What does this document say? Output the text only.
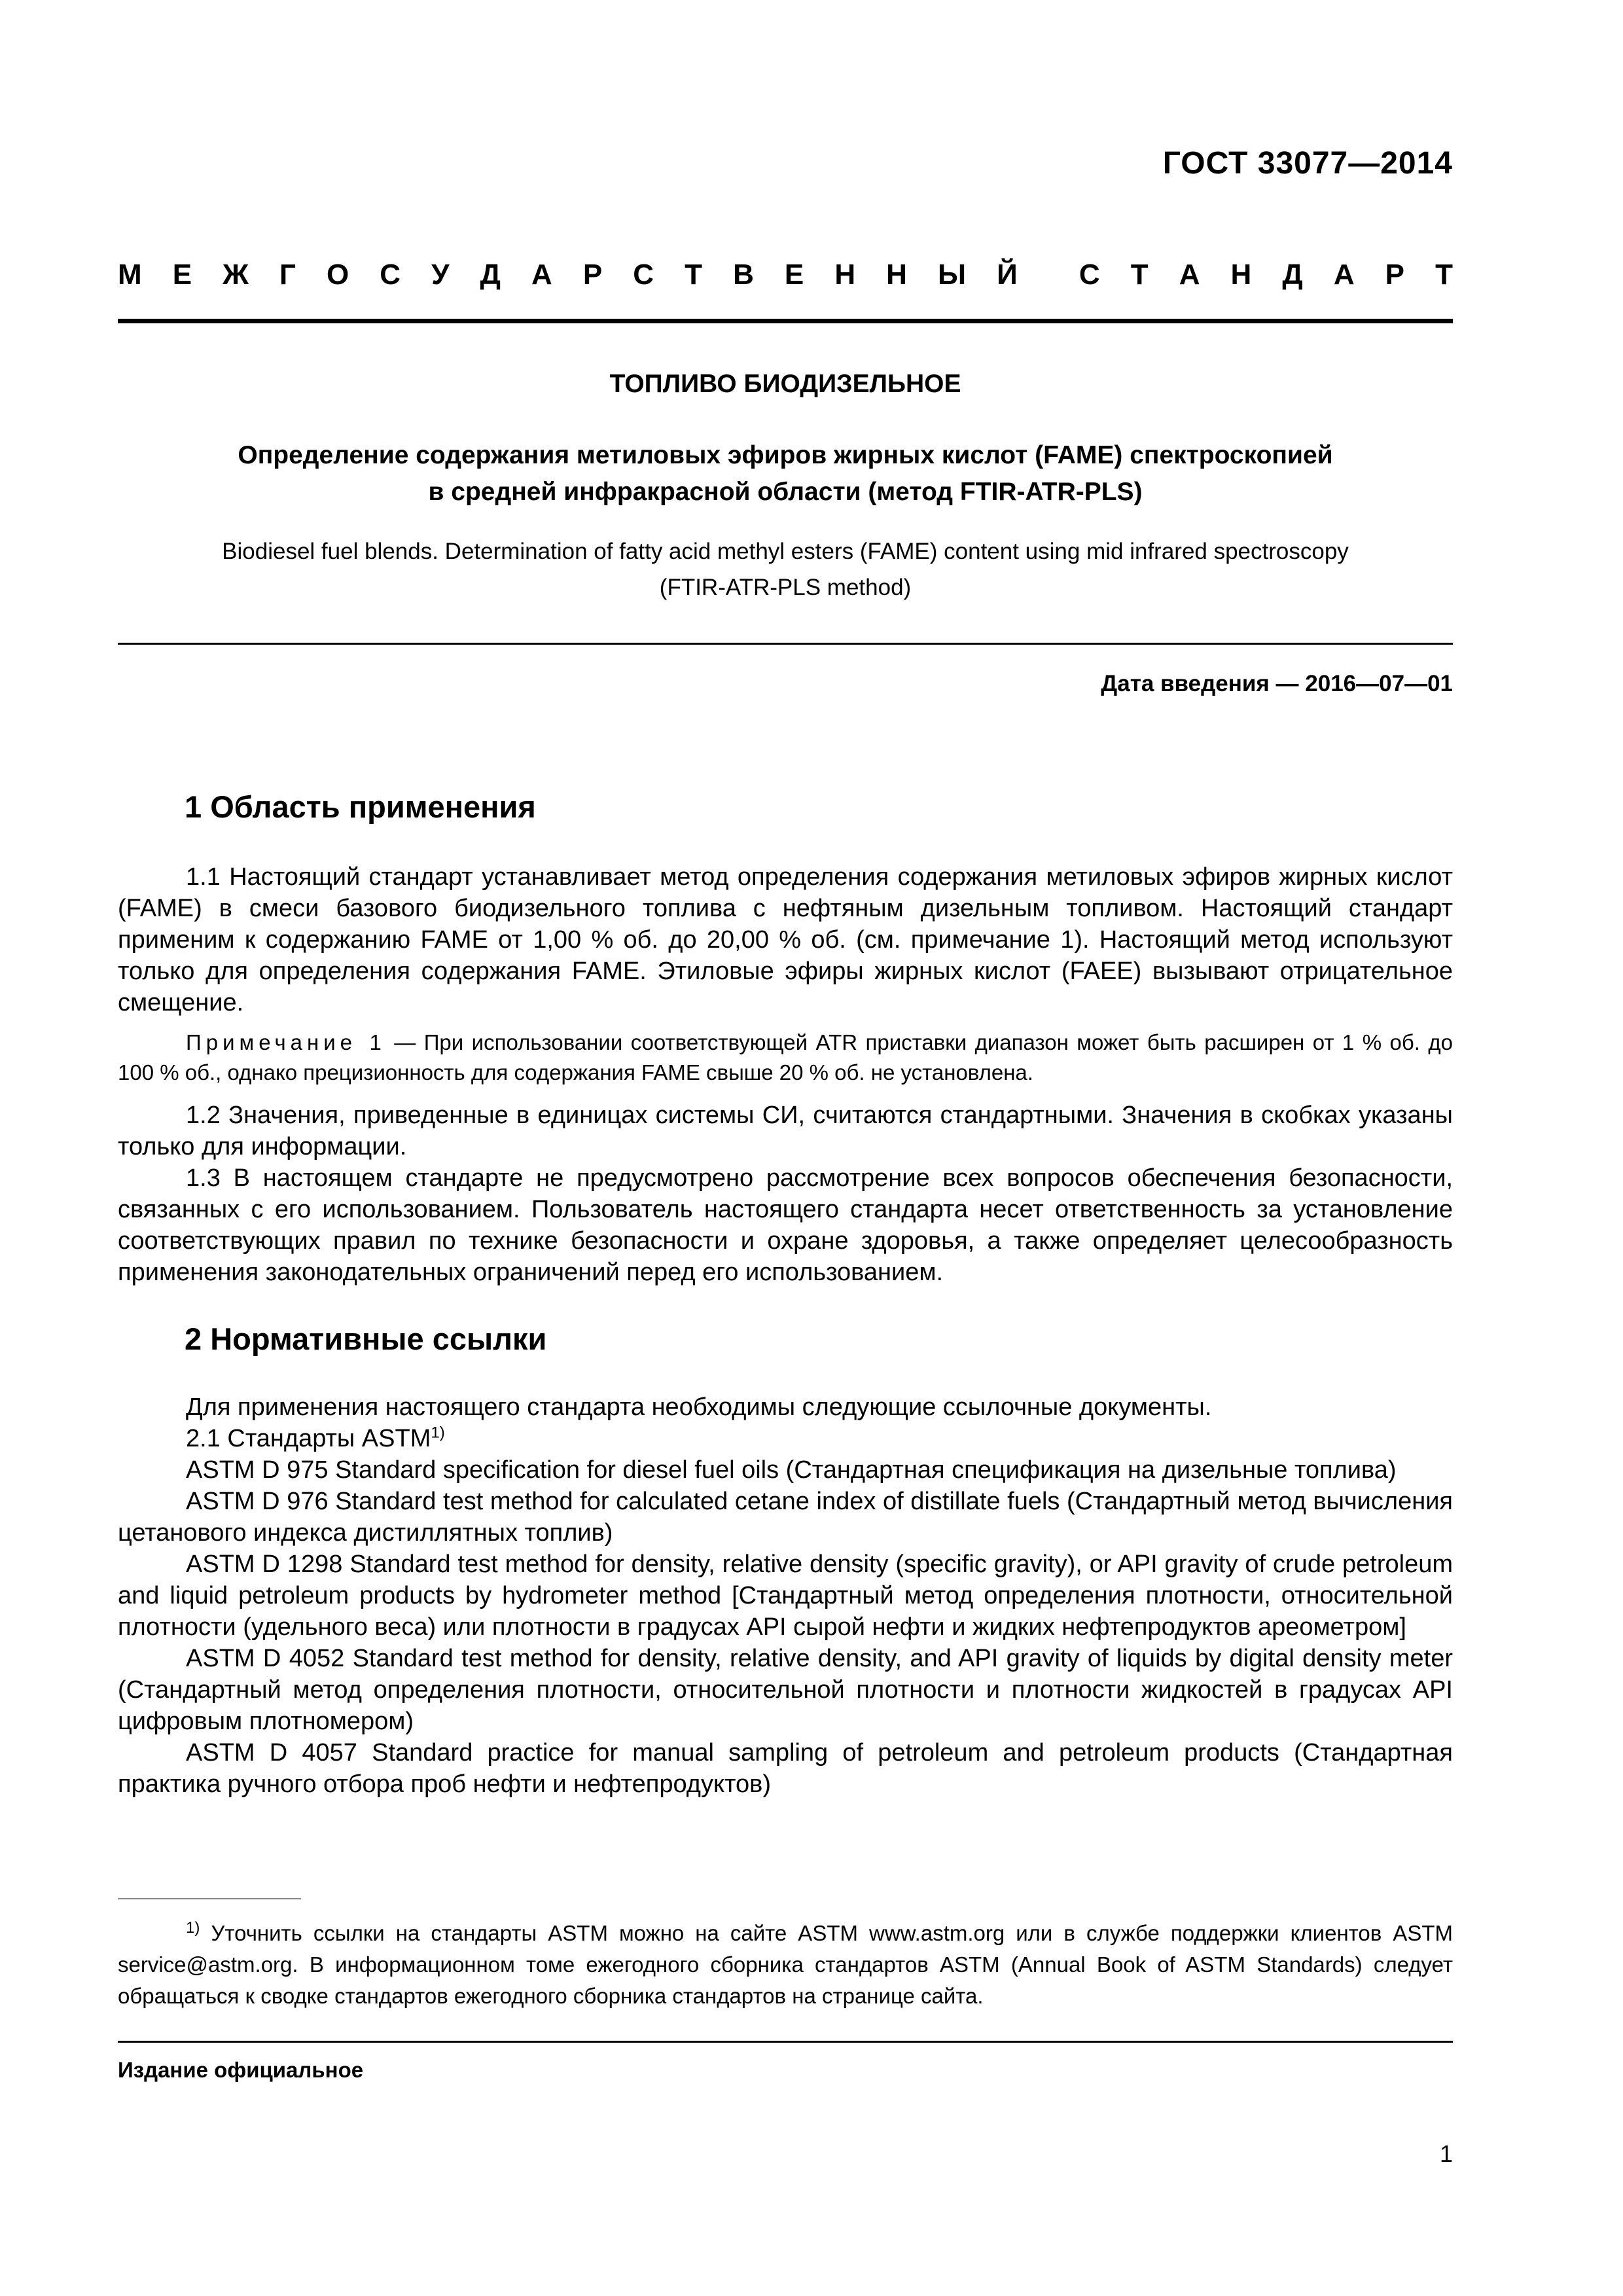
ГОСТ 33077—2014
М Е Ж Г О С У Д А Р С Т В Е Н Н Ы Й С Т А Н Д А Р Т
ТОПЛИВО БИОДИЗЕЛЬНОЕ
Определение содержания метиловых эфиров жирных кислот (FAME) спектроскопией
в средней инфракрасной области (метод FTIR-ATR-PLS)
Biodiesel fuel blends. Determination of fatty acid methyl esters (FAME) content using mid infrared spectroscopy
(FTIR-ATR-PLS method)
Дата введения — 2016—07—01
1 Область применения

1.1 Настоящий стандарт устанавливает метод определения содержания метиловых эфиров жирных кислот (FAME) в смеси базового биодизельного топлива с нефтяным дизельным топливом. Настоящий стандарт применим к содержанию FAME от 1,00 % об. до 20,00 % об. (см. примечание 1). Настоящий метод используют только для определения содержания FAME. Этиловые эфиры жирных кислот (FAEE) вызывают отрицательное смещение.

Примечание 1 — При использовании соответствующей ATR приставки диапазон может быть расширен от 1 % об. до 100 % об., однако прецизионность для содержания FAME свыше 20 % об. не установлена.

1.2 Значения, приведенные в единицах системы СИ, считаются стандартными. Значения в скобках указаны только для информации.

1.3 В настоящем стандарте не предусмотрено рассмотрение всех вопросов обеспечения безопасности, связанных с его использованием. Пользователь настоящего стандарта несет ответственность за установление соответствующих правил по технике безопасности и охране здоровья, а также определяет целесообразность применения законодательных ограничений перед его использованием.

2 Нормативные ссылки

Для применения настоящего стандарта необходимы следующие ссылочные документы.

2.1 Стандарты ASTM$^{1)}$

ASTM D 975 Standard specification for diesel fuel oils (Стандартная спецификация на дизельные топлива)

ASTM D 976 Standard test method for calculated cetane index of distillate fuels (Стандартный метод вычисления цетанового индекса дистиллятных топлив)

ASTM D 1298 Standard test method for density, relative density (specific gravity), or API gravity of crude petroleum and liquid petroleum products by hydrometer method [Стандартный метод определения плотности, относительной плотности (удельного веса) или плотности в градусах API сырой нефти и жидких нефтепродуктов ареометром]

ASTM D 4052 Standard test method for density, relative density, and API gravity of liquids by digital density meter (Стандартный метод определения плотности, относительной плотности и плотности жидкостей в градусах API цифровым плотномером)

ASTM D 4057 Standard practice for manual sampling of petroleum and petroleum products (Стандартная практика ручного отбора проб нефти и нефтепродуктов)

$^{1)}$ Уточнить ссылки на стандарты ASTM можно на сайте ASTM www.astm.org или в службе поддержки клиентов ASTM service@astm.org. В информационном томе ежегодного сборника стандартов ASTM (Annual Book of ASTM Standards) следует обращаться к сводке стандартов ежегодного сборника стандартов на странице сайта.

Издание официальное
1
